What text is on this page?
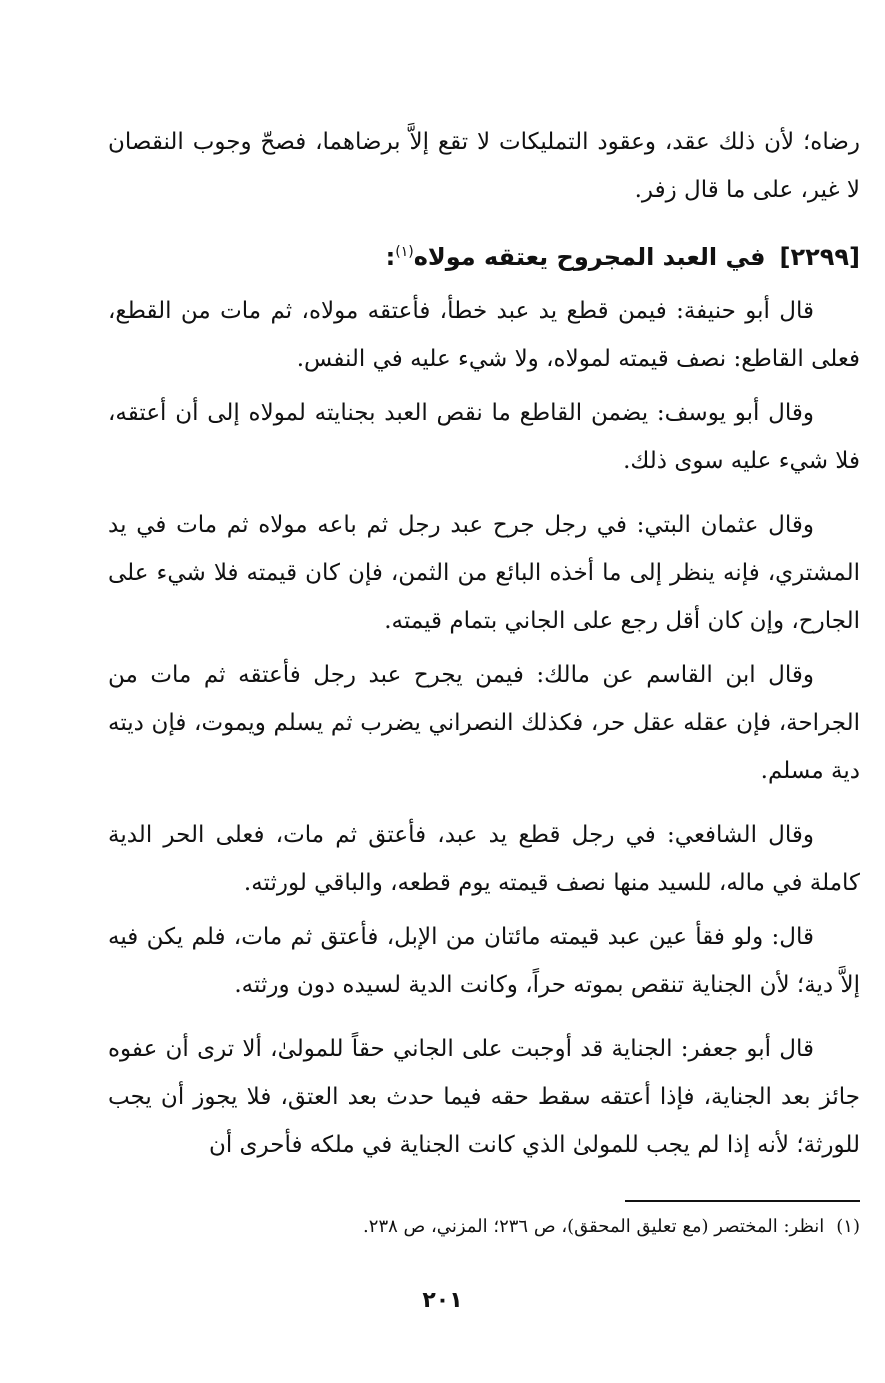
رضاه؛ لأن ذلك عقد، وعقود التمليكات لا تقع إلاَّ برضاهما، فصحّ وجوب النقصان لا غير، على ما قال زفر.

[٢٢٩٩]في العبد المجروح يعتقه مولاه$^{(١)}$:

قال أبو حنيفة: فيمن قطع يد عبد خطأ، فأعتقه مولاه، ثم مات من القطع، فعلى القاطع: نصف قيمته لمولاه، ولا شيء عليه في النفس.

وقال أبو يوسف: يضمن القاطع ما نقص العبد بجنايته لمولاه إلى أن أعتقه، فلا شيء عليه سوى ذلك.

وقال عثمان البتي: في رجل جرح عبد رجل ثم باعه مولاه ثم مات في يد المشتري، فإنه ينظر إلى ما أخذه البائع من الثمن، فإن كان قيمته فلا شيء على الجارح، وإن كان أقل رجع على الجاني بتمام قيمته.

وقال ابن القاسم عن مالك: فيمن يجرح عبد رجل فأعتقه ثم مات من الجراحة، فإن عقله عقل حر، فكذلك النصراني يضرب ثم يسلم ويموت، فإن ديته دية مسلم.

وقال الشافعي: في رجل قطع يد عبد، فأعتق ثم مات، فعلى الحر الدية كاملة في ماله، للسيد منها نصف قيمته يوم قطعه، والباقي لورثته.

قال: ولو فقأ عين عبد قيمته مائتان من الإبل، فأعتق ثم مات، فلم يكن فيه إلاَّ دية؛ لأن الجناية تنقص بموته حراً، وكانت الدية لسيده دون ورثته.

قال أبو جعفر: الجناية قد أوجبت على الجاني حقاً للمولىٰ، ألا ترى أن عفوه جائز بعد الجناية، فإذا أعتقه سقط حقه فيما حدث بعد العتق، فلا يجوز أن يجب للورثة؛ لأنه إذا لم يجب للمولىٰ الذي كانت الجناية في ملكه فأحرى أن

(١)انظر: المختصر (مع تعليق المحقق)، ص ٢٣٦؛ المزني، ص ٢٣٨.

٢٠١
